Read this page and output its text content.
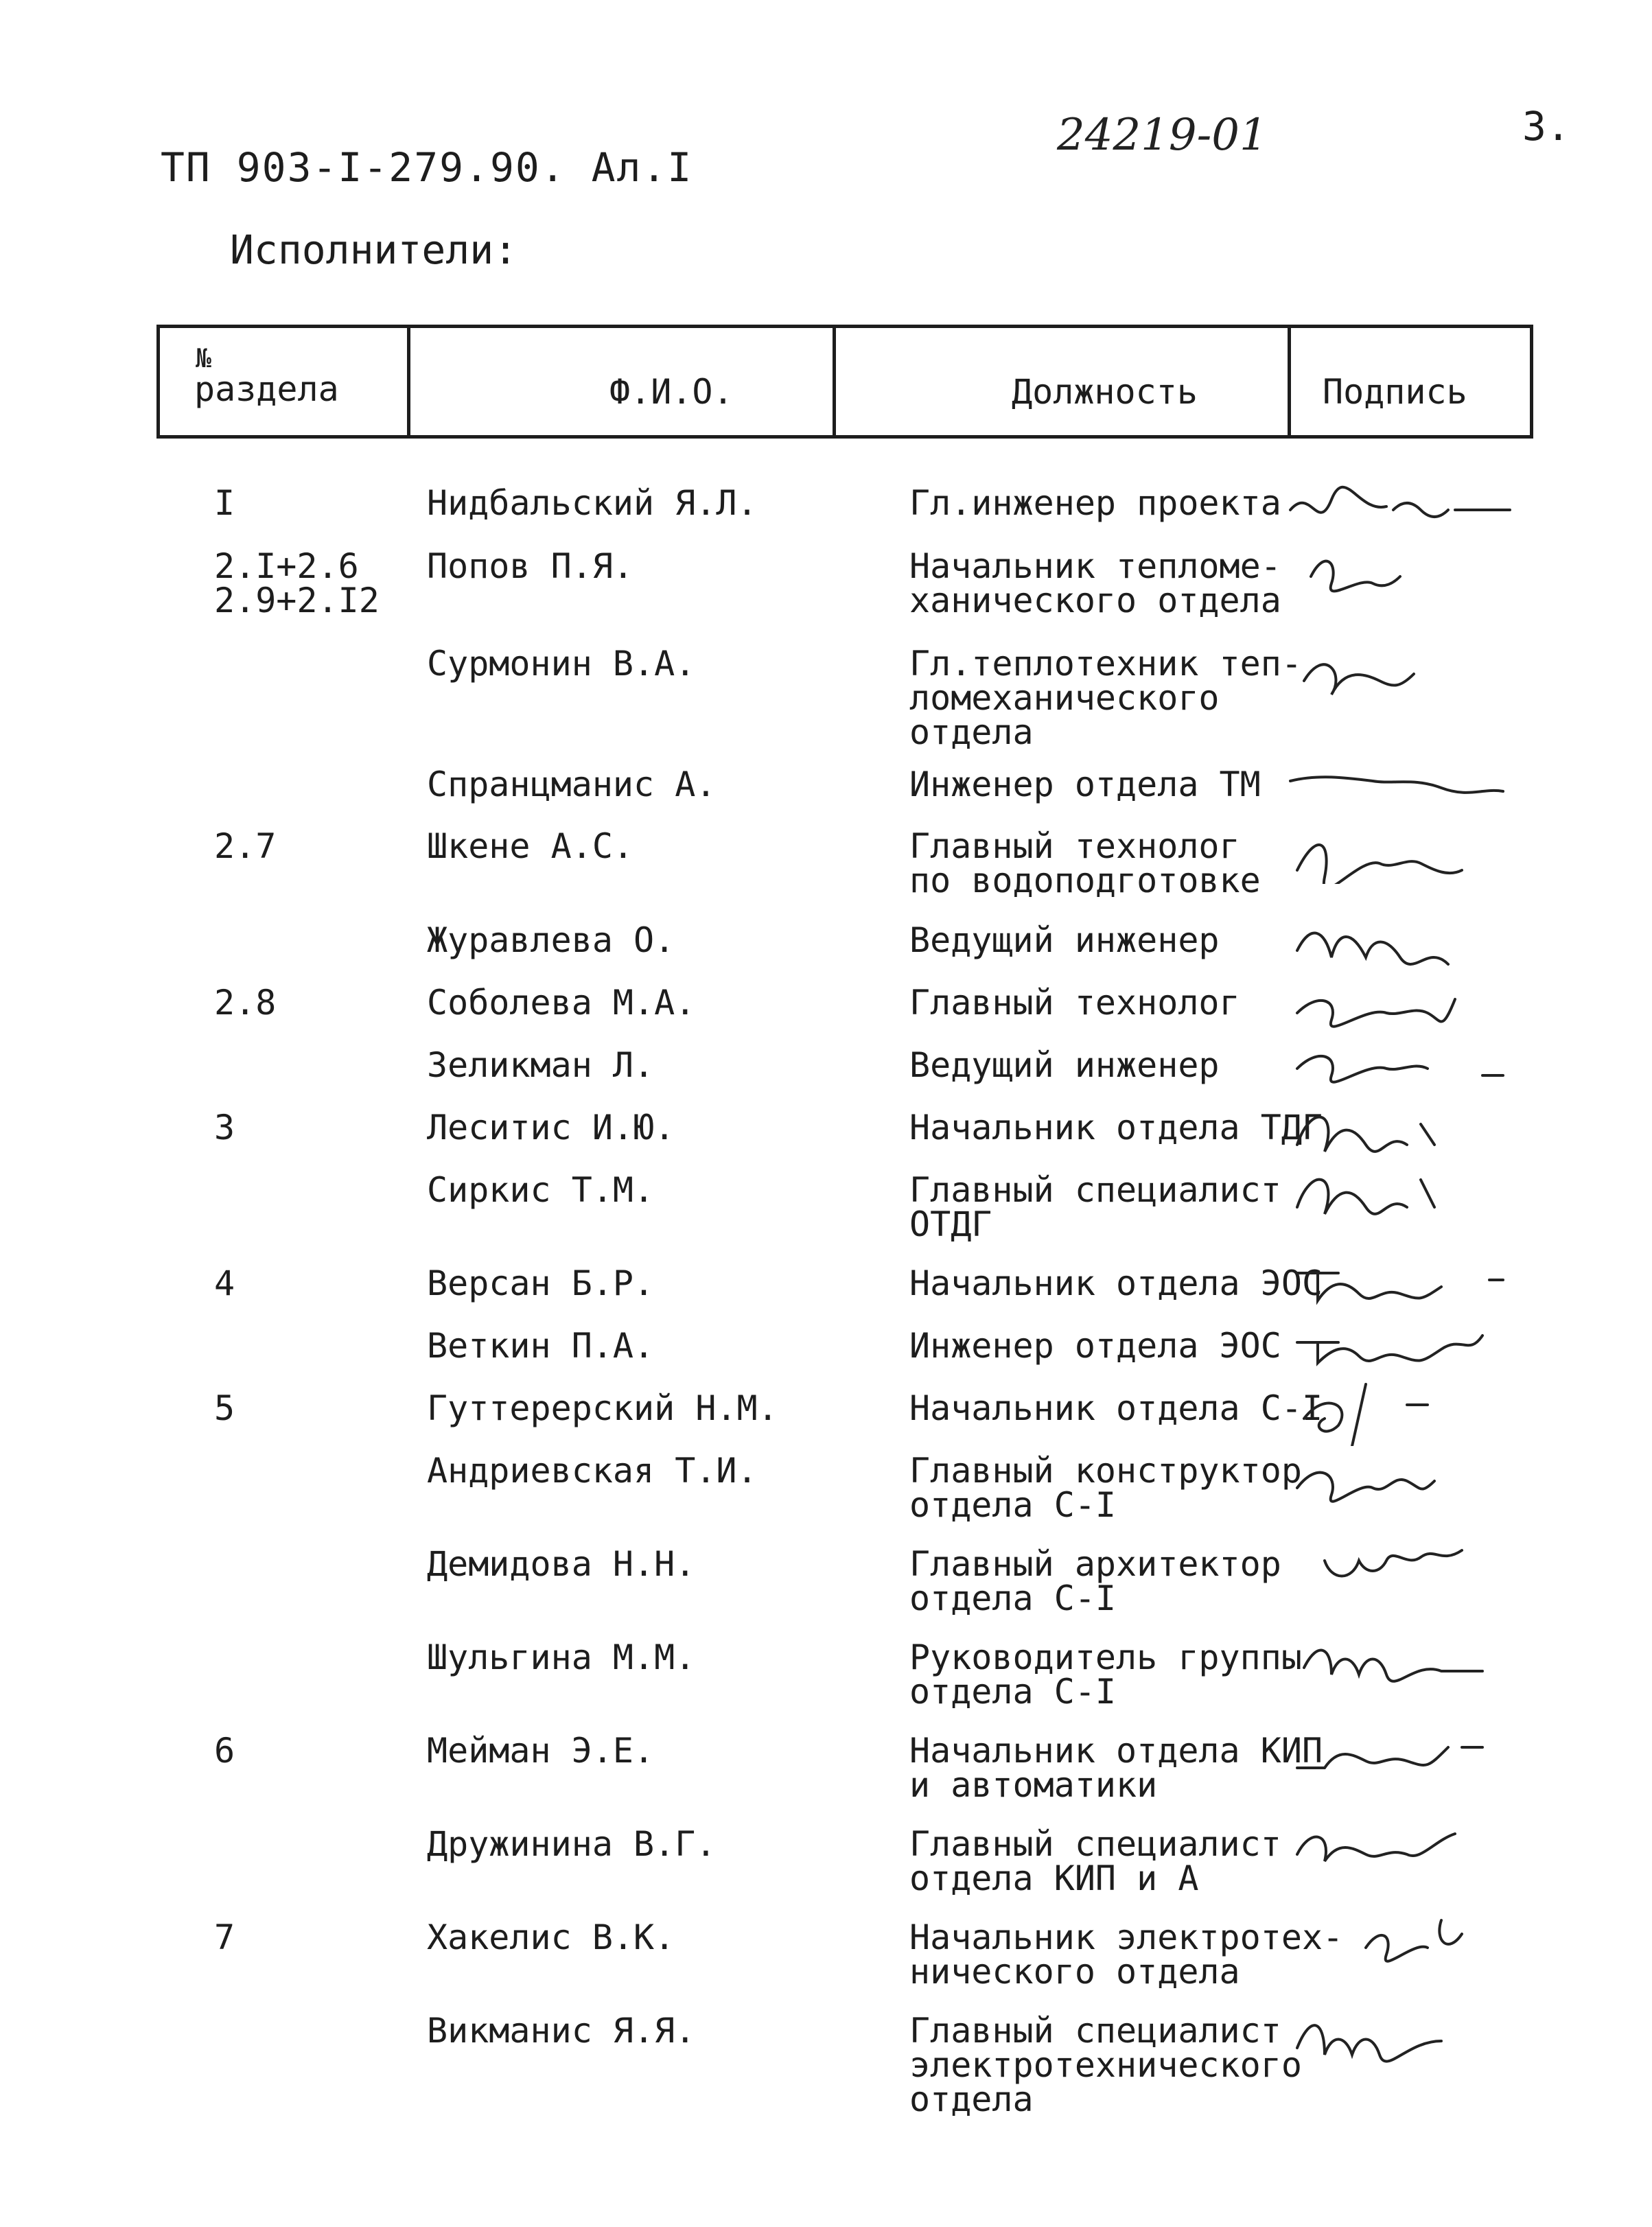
ТП 903-I-279.90. Ал.I
24219-01	3.
Исполнители:
№
раздела	Ф.И.О.	Должность	Подпись
I	Нидбальский Я.Л.	Гл.инженер проекта
2.I+2.6
2.9+2.I2
Попов П.Я.	Начальник тепломе-
ханического отдела
Сурмонин В.А.	Гл.теплотехник теп-
ломеханического
отдела
Спранцманис А.	Инженер отдела ТМ
2.7	Шкене А.С.	Главный технолог
по водоподготовке
Журавлева О.	Ведущий инженер
2.8	Соболева М.А.	Главный технолог
Зеликман Л.	Ведущий инженер
3	Леситис И.Ю.	Начальник отдела ТДГ
Сиркис Т.М.	Главный специалист
ОТДГ
4	Версан Б.Р.	Начальник отдела ЭОС
Веткин П.А.	Инженер отдела ЭОС
5	Гуттерерский Н.М.	Начальник отдела С-I
Андриевская Т.И.	Главный конструктор
отдела С-I
Демидова Н.Н.	Главный архитектор
отдела С-I
Шульгина М.М.	Руководитель группы
отдела С-I
6	Мейман Э.Е.	Начальник отдела КИП
и автоматики
Дружинина В.Г.	Главный специалист
отдела КИП и А
7	Хакелис В.К.	Начальник электротех-
нического отдела
Викманис Я.Я.	Главный специалист
электротехнического
отдела
